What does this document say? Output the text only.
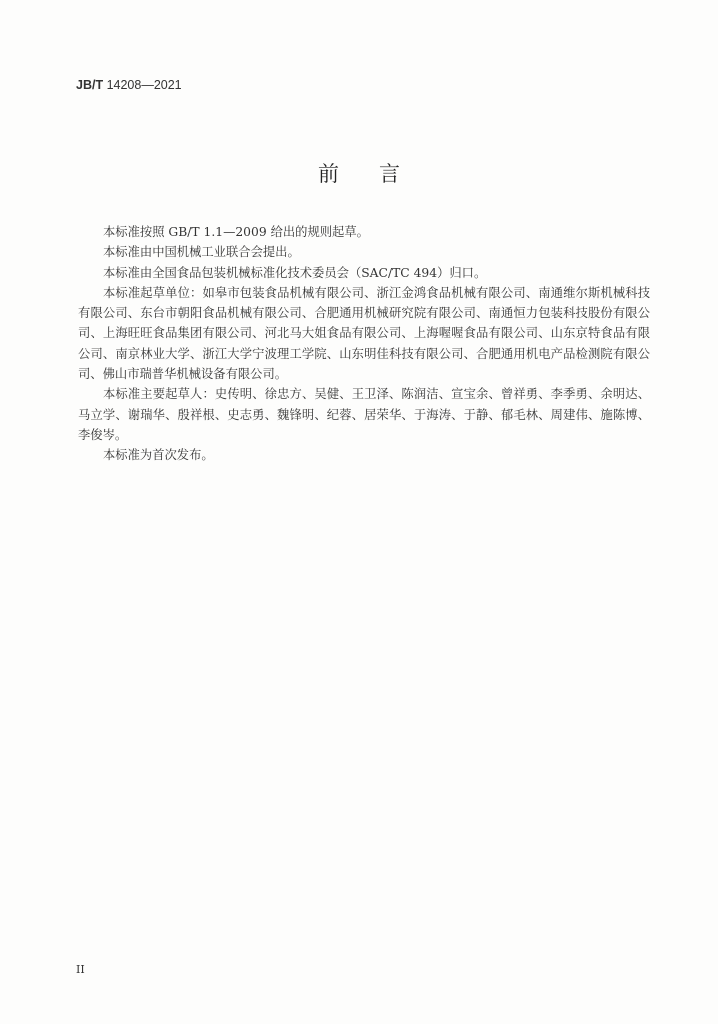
JB/T 14208—2021
前言

本标准按照 GB/T 1.1—2009 给出的规则起草。

本标准由中国机械工业联合会提出。

本标准由全国食品包装机械标准化技术委员会（SAC/TC 494）归口。

本标准起草单位：如皋市包装食品机械有限公司、浙江金鸿食品机械有限公司、南通维尔斯机械科技有限公司、东台市朝阳食品机械有限公司、合肥通用机械研究院有限公司、南通恒力包装科技股份有限公司、上海旺旺食品集团有限公司、河北马大姐食品有限公司、上海喔喔食品有限公司、山东京特食品有限公司、南京林业大学、浙江大学宁波理工学院、山东明佳科技有限公司、合肥通用机电产品检测院有限公司、佛山市瑞普华机械设备有限公司。

本标准主要起草人：史传明、徐忠方、吴健、王卫泽、陈润洁、宣宝余、曾祥勇、李季勇、余明达、马立学、谢瑞华、殷祥根、史志勇、魏锋明、纪蓉、居荣华、于海涛、于静、郁毛林、周建伟、施陈博、李俊岑。

本标准为首次发布。

II
